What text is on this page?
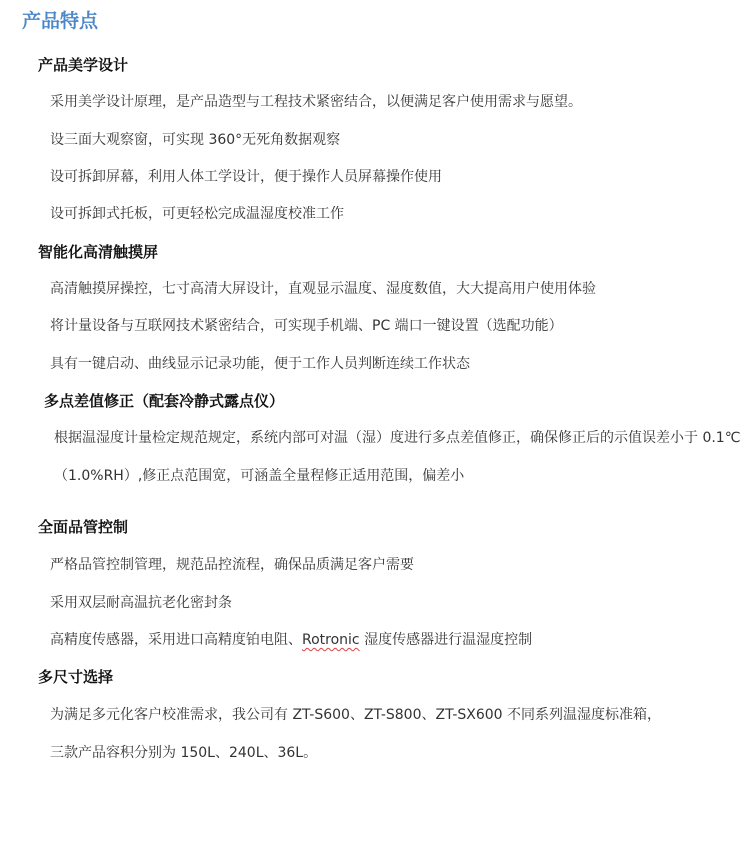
产品特点
产品美学设计
采用美学设计原理，是产品造型与工程技术紧密结合，以便满足客户使用需求与愿望。
设三面大观察窗，可实现 360°无死角数据观察
设可拆卸屏幕，利用人体工学设计，便于操作人员屏幕操作使用
设可拆卸式托板，可更轻松完成温湿度校准工作
智能化高清触摸屏
高清触摸屏操控，七寸高清大屏设计，直观显示温度、湿度数值，大大提高用户使用体验
将计量设备与互联网技术紧密结合，可实现手机端、PC 端口一键设置（选配功能）
具有一键启动、曲线显示记录功能，便于工作人员判断连续工作状态
多点差值修正（配套冷静式露点仪）
根据温湿度计量检定规范规定，系统内部可对温（湿）度进行多点差值修正，确保修正后的示值误差小于 0.1℃
（1.0%RH）,修正点范围宽，可涵盖全量程修正适用范围，偏差小
全面品管控制
严格品管控制管理，规范品控流程，确保品质满足客户需要
采用双层耐高温抗老化密封条
高精度传感器，采用进口高精度铂电阻、Rotronic 湿度传感器进行温湿度控制
多尺寸选择
为满足多元化客户校准需求，我公司有 ZT-S600、ZT-S800、ZT-SX600 不同系列温湿度标准箱，
三款产品容积分别为 150L、240L、36L。
